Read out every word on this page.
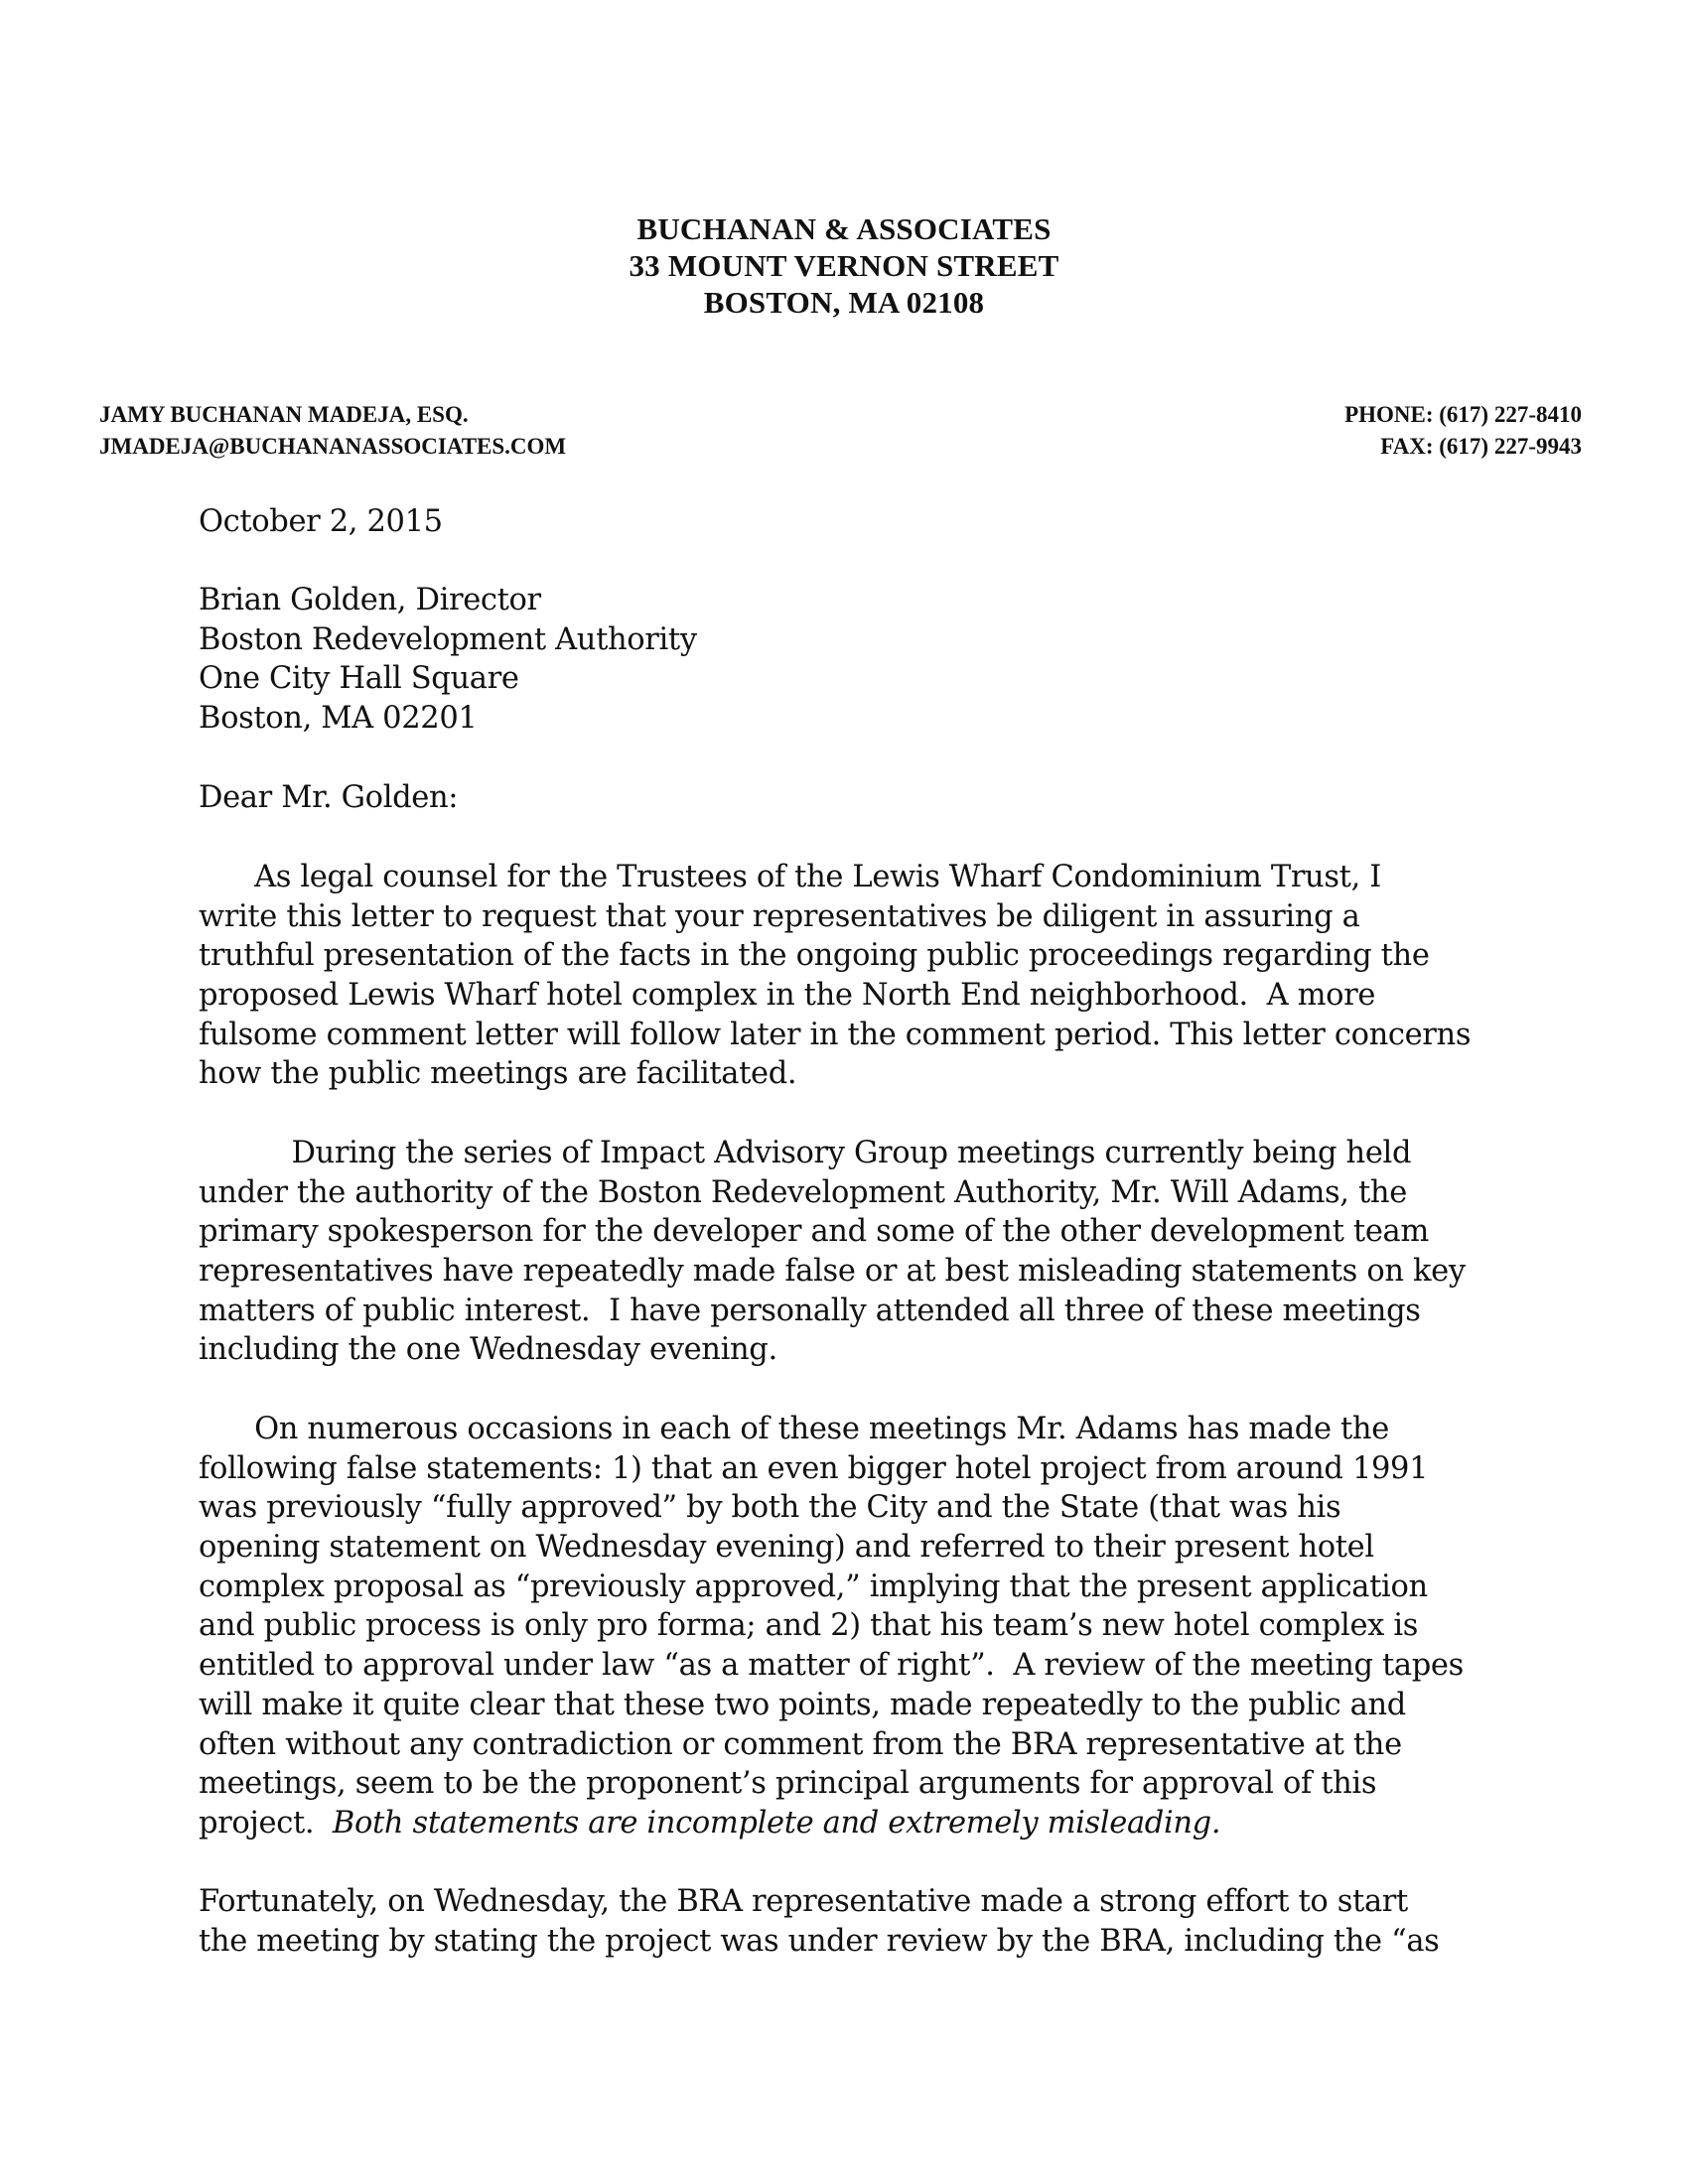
BUCHANAN & ASSOCIATES
33 MOUNT VERNON STREET
BOSTON, MA 02108
JAMY BUCHANAN MADEJA, ESQ.
JMADEJA@BUCHANANASSOCIATES.COM
PHONE: (617) 227-8410
FAX: (617) 227-9943
October 2, 2015
Brian Golden, Director
Boston Redevelopment Authority
One City Hall Square
Boston, MA 02201
Dear Mr. Golden:
As legal counsel for the Trustees of the Lewis Wharf Condominium Trust, I
write this letter to request that your representatives be diligent in assuring a
truthful presentation of the facts in the ongoing public proceedings regarding the
proposed Lewis Wharf hotel complex in the North End neighborhood.  A more
fulsome comment letter will follow later in the comment period. This letter concerns
how the public meetings are facilitated.
During the series of Impact Advisory Group meetings currently being held
under the authority of the Boston Redevelopment Authority, Mr. Will Adams, the
primary spokesperson for the developer and some of the other development team
representatives have repeatedly made false or at best misleading statements on key
matters of public interest.  I have personally attended all three of these meetings
including the one Wednesday evening.
On numerous occasions in each of these meetings Mr. Adams has made the
following false statements: 1) that an even bigger hotel project from around 1991
was previously “fully approved” by both the City and the State (that was his
opening statement on Wednesday evening) and referred to their present hotel
complex proposal as “previously approved,” implying that the present application
and public process is only pro forma; and 2) that his team’s new hotel complex is
entitled to approval under law “as a matter of right”.  A review of the meeting tapes
will make it quite clear that these two points, made repeatedly to the public and
often without any contradiction or comment from the BRA representative at the
meetings, seem to be the proponent’s principal arguments for approval of this
project.  Both statements are incomplete and extremely misleading.
Fortunately, on Wednesday, the BRA representative made a strong effort to start
the meeting by stating the project was under review by the BRA, including the “as
